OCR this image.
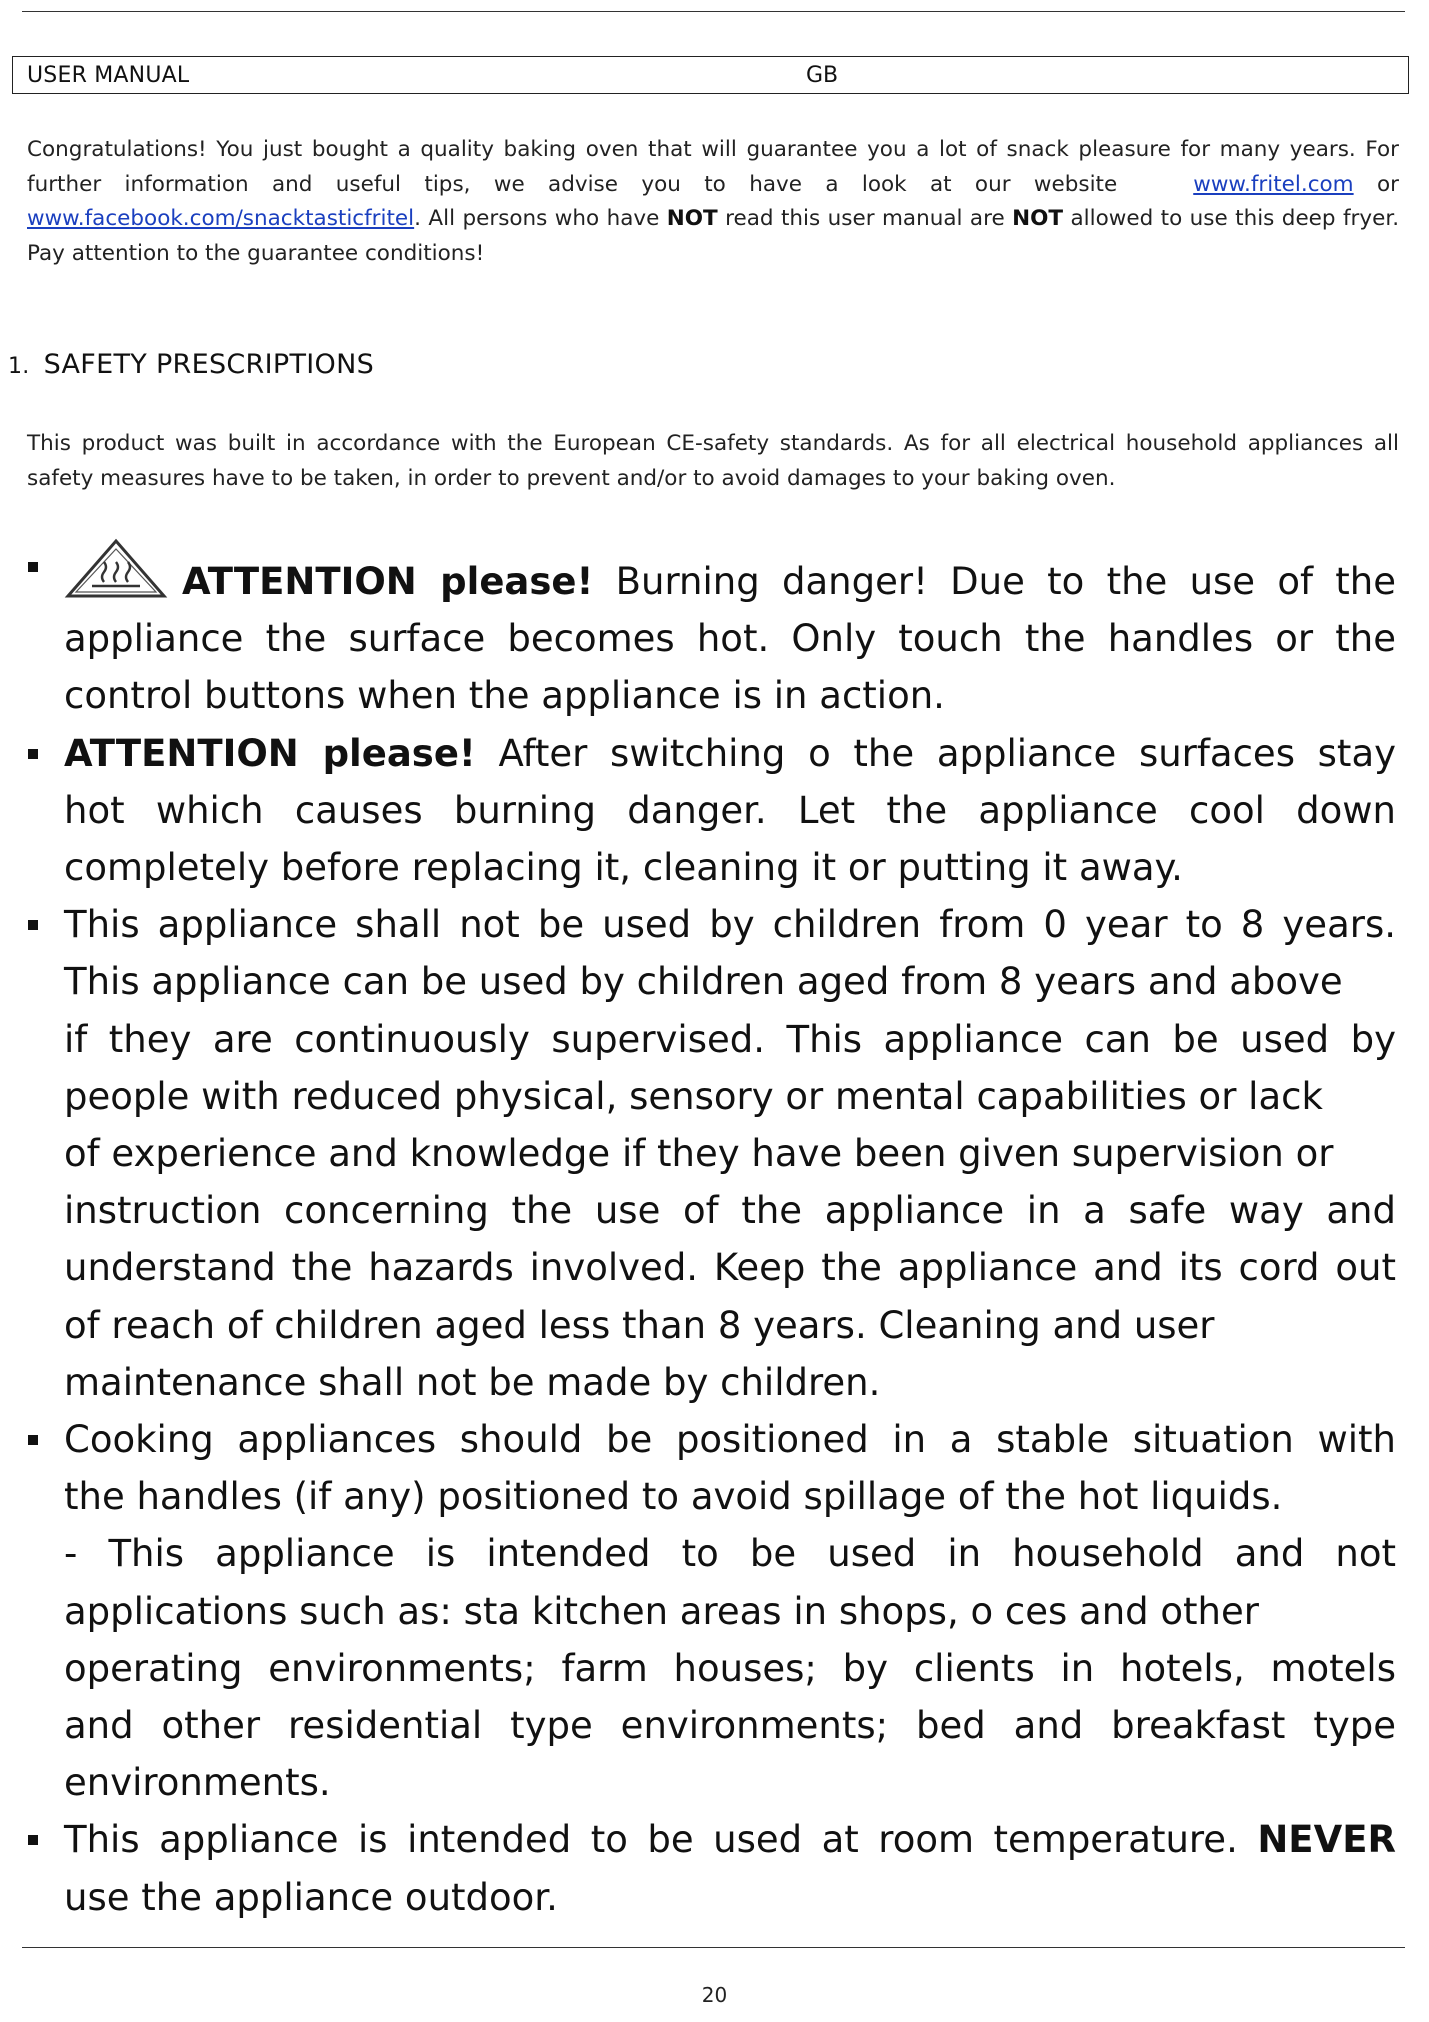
USER MANUAL	GB

Congratulations! You just bought a quality baking oven that will guarantee you a lot of snack pleasure for many years. For further information and useful tips, we advise you to have a look at our website	www.fritel.com or www.facebook.com/snacktasticfritel. All persons who have NOT read this user manual are NOT allowed to use this deep fryer. Pay attention to the guarantee conditions!

1. SAFETY PRESCRIPTIONS

This product was built in accordance with the European CE-safety standards. As for all electrical household appliances all safety measures have to be taken, in order to prevent and/or to avoid damages to your baking oven.

ATTENTION please! Burning danger! Due to the use of the
appliance the surface becomes hot. Only touch the handles or the
control buttons when the appliance is in action.
ATTENTION please! After switching o the appliance surfaces stay
hot which causes burning danger. Let the appliance cool down
completely before replacing it, cleaning it or putting it away.
This appliance shall not be used by children from 0 year to 8 years.
This appliance can be used by children aged from 8 years and above
if they are continuously supervised. This appliance can be used by
people with reduced physical, sensory or mental capabilities or lack
of experience and knowledge if they have been given supervision or
instruction concerning the use of the appliance in a safe way and
understand the hazards involved. Keep the appliance and its cord out
of reach of children aged less than 8 years. Cleaning and user
maintenance shall not be made by children.
Cooking appliances should be positioned in a stable situation with
the handles (if any) positioned to avoid spillage of the hot liquids.
- This appliance is intended to be used in household and not
applications such as: sta kitchen areas in shops, o ces and other
operating environments; farm houses; by clients in hotels, motels
and other residential type environments; bed and breakfast type
environments.
This appliance is intended to be used at room temperature. NEVER
use the appliance outdoor.
20
